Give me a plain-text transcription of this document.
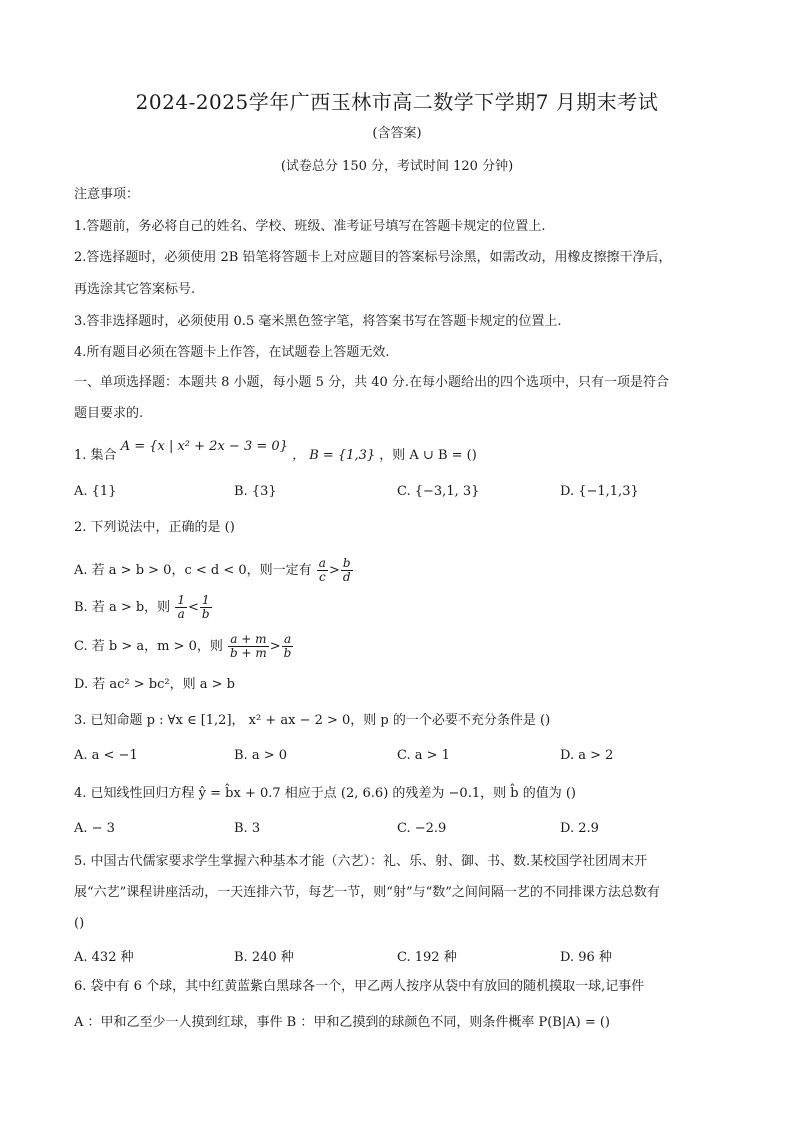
2024-2025学年广西玉林市高二数学下学期7 月期末考试
(含答案)
(试卷总分 150 分，考试时间 120 分钟)
注意事项：
1.答题前，务必将自己的姓名、学校、班级、准考证号填写在答题卡规定的位置上.
2.答选择题时，必须使用 2B 铅笔将答题卡上对应题目的答案标号涂黑，如需改动，用橡皮擦擦干净后，
再选涂其它答案标号.
3.答非选择题时，必须使用 0.5 毫米黑色签字笔，将答案书写在答题卡规定的位置上.
4.所有题目必须在答题卡上作答，在试题卷上答题无效.
一、单项选择题：本题共 8 小题，每小题 5 分，共 40 分.在每小题给出的四个选项中，只有一项是符合
题目要求的.
1. 集合 A = {x | x² + 2x − 3 = 0} ， B = {1,3} ，则 A ∪ B = ()
A. {1}	B. {3}	C. {−3,1, 3}	D. {−1,1,3}
2. 下列说法中，正确的是 ()
A. 若 a > b > 0，c < d < 0，则一定有 $\frac{a}{c} > \frac{b}{d}$
B. 若 a > b，则 $\frac{1}{a} < \frac{1}{b}$
C. 若 b > a，m > 0，则 $\frac{a + m}{b + m} > \frac{a}{b}$
D. 若 ac² > bc²，则 a > b
3. 已知命题 p : ∀x ∈ [1,2]， x² + ax − 2 > 0，则 p 的一个必要不充分条件是 ()
A. a < −1	B. a > 0	C. a > 1	D. a > 2
4. 已知线性回归方程 ŷ = b̂x + 0.7 相应于点 (2, 6.6) 的残差为 −0.1，则 b̂ 的值为 ()
A. − 3	B. 3	C. −2.9	D. 2.9
5. 中国古代儒家要求学生掌握六种基本才能（六艺）：礼、乐、射、御、书、数.某校国学社团周末开
展“六艺”课程讲座活动，一天连排六节，每艺一节，则“射”与“数”之间间隔一艺的不同排课方法总数有
()
A. 432 种	B. 240 种	C. 192 种	D. 96 种
6. 袋中有 6 个球，其中红黄蓝紫白黑球各一个，甲乙两人按序从袋中有放回的随机摸取一球,记事件
A ：甲和乙至少一人摸到红球，事件 B ：甲和乙摸到的球颜色不同，则条件概率 P(B|A) = ()
